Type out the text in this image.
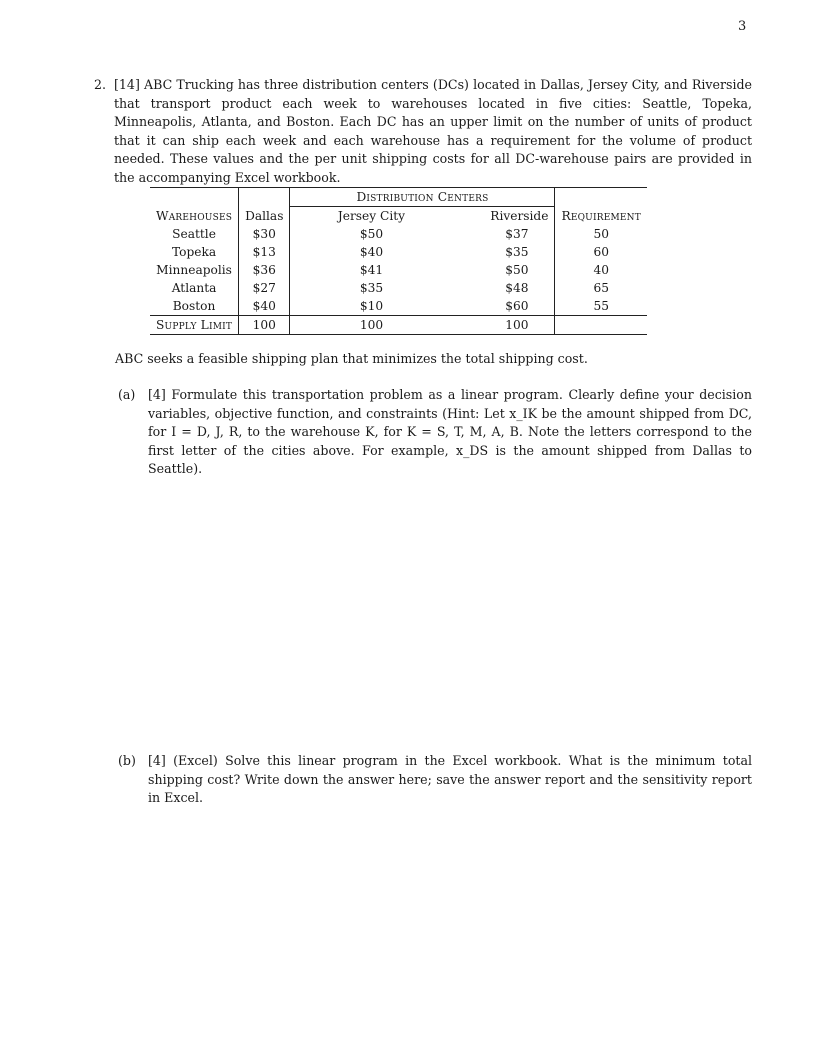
3
2. [14] ABC Trucking has three distribution centers (DCs) located in Dallas, Jersey City, and Riverside that transport product each week to warehouses located in five cities: Seattle, Topeka, Minneapolis, Atlanta, and Boston. Each DC has an upper limit on the number of units of product that it can ship each week and each warehouse has a requirement for the volume of product needed. These values and the per unit shipping costs for all DC-warehouse pairs are provided in the accompanying Excel workbook.
		Distribution Centers		
Warehouses	Dallas	Jersey City	Riverside	Requirement
Seattle	$30	$50	$37	50
Topeka	$13	$40	$35	60
Minneapolis	$36	$41	$50	40
Atlanta	$27	$35	$48	65
Boston	$40	$10	$60	55
Supply Limit	100	100	100	
ABC seeks a feasible shipping plan that minimizes the total shipping cost.
(a)	[4] Formulate this transportation problem as a linear program. Clearly define your decision variables, objective function, and constraints (Hint: Let x_IK be the amount shipped from DC, for I = D, J, R, to the warehouse K, for K = S, T, M, A, B. Note the letters correspond to the first letter of the cities above. For example, x_DS is the amount shipped from Dallas to Seattle).
(b) [4] (Excel) Solve this linear program in the Excel workbook. What is the minimum total shipping cost? Write down the answer here; save the answer report and the sensitivity report in Excel.
